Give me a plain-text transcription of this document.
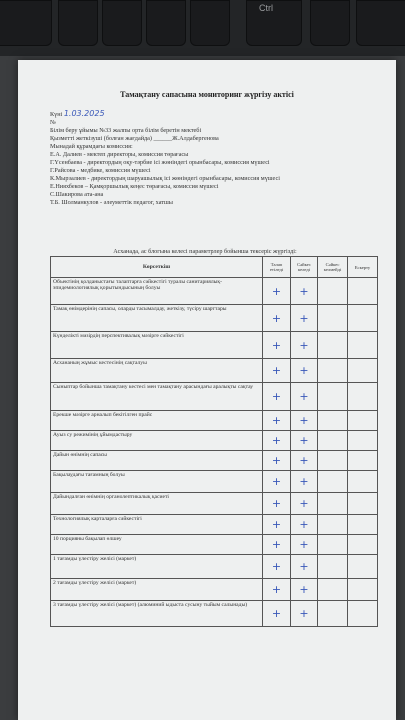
Ctrl
Тамақтану сапасына мониторинг жүргізу актісі
Күні 1.03.2025
№
Білім беру ұйымы №33 жалпы орта білім беретін мектебі
Қызметті жеткізуші (болған жағдайда) ______Ж.Алдабергенова
Мынадай құрамдағы комиссия:
Е.А. Далиев - мектеп директоры, комиссия төрағасы
Г.Үсенбаева - директордың оқу-тәрбие ісі жөніндегі орынбасары, комиссия мүшесі
Г.Райсова - медбике, комиссия мүшесі
К.Мырзалиев - директордың шаруашылық ісі жөніндегі орынбасары, комиссия мүшесі
Е.Нияхбеков – Қамқоршылық кеңес төрағасы, комиссия мүшесі
С.Шакирова ата-ана
Т.Б. Шолманкулов - әлеуметтік педагог, хатшы
Асханада, ас блогына келесі параметрлер бойынша тексеріс жүргізді:
Көрсеткіш	Талап етіледі	Сәйкес келеді	Сәйкес келмейді	Ескерту
Объектінің қолданыстағы талаптарға сәйкестігі туралы санитариялық-эпидемиологиялық қорытындысының болуы	+	+		
Тамақ өнімдерінің сапасы, оларды тасымалдау, жеткізу, түсіру шарттары	+	+		
Күнделікті мәзірдің перспективалық мәзірге сәйкестігі	+	+		
Асхананың жұмыс кестесінің сақталуы	+	+		
Сыныптар бойынша тамақтану кестесі мен тамақтану арасындағы аралықты сақтау	+	+		
Ерекше мәзірге арналып бекітілген прайс	+	+		
Ауыз су режимінің ұйымдастыру	+	+		
Дайын өнімнің сапасы	+	+		
Бақылаудағы тағамның болуы	+	+		
Дайындалған өнімнің органолептикалық қасиеті	+	+		
Технологиялық карталарға сәйкестігі	+	+		
10 порцияны бақылап өлшеу	+	+		
1 тағамды үлестіру желісі (маркет)	+	+		
2 тағамды үлестіру желісі (маркет)	+	+		
3 тағамды үлестіру желісі (маркет) (алюминий ыдыста сусыну тыйым салынады)	+	+		
